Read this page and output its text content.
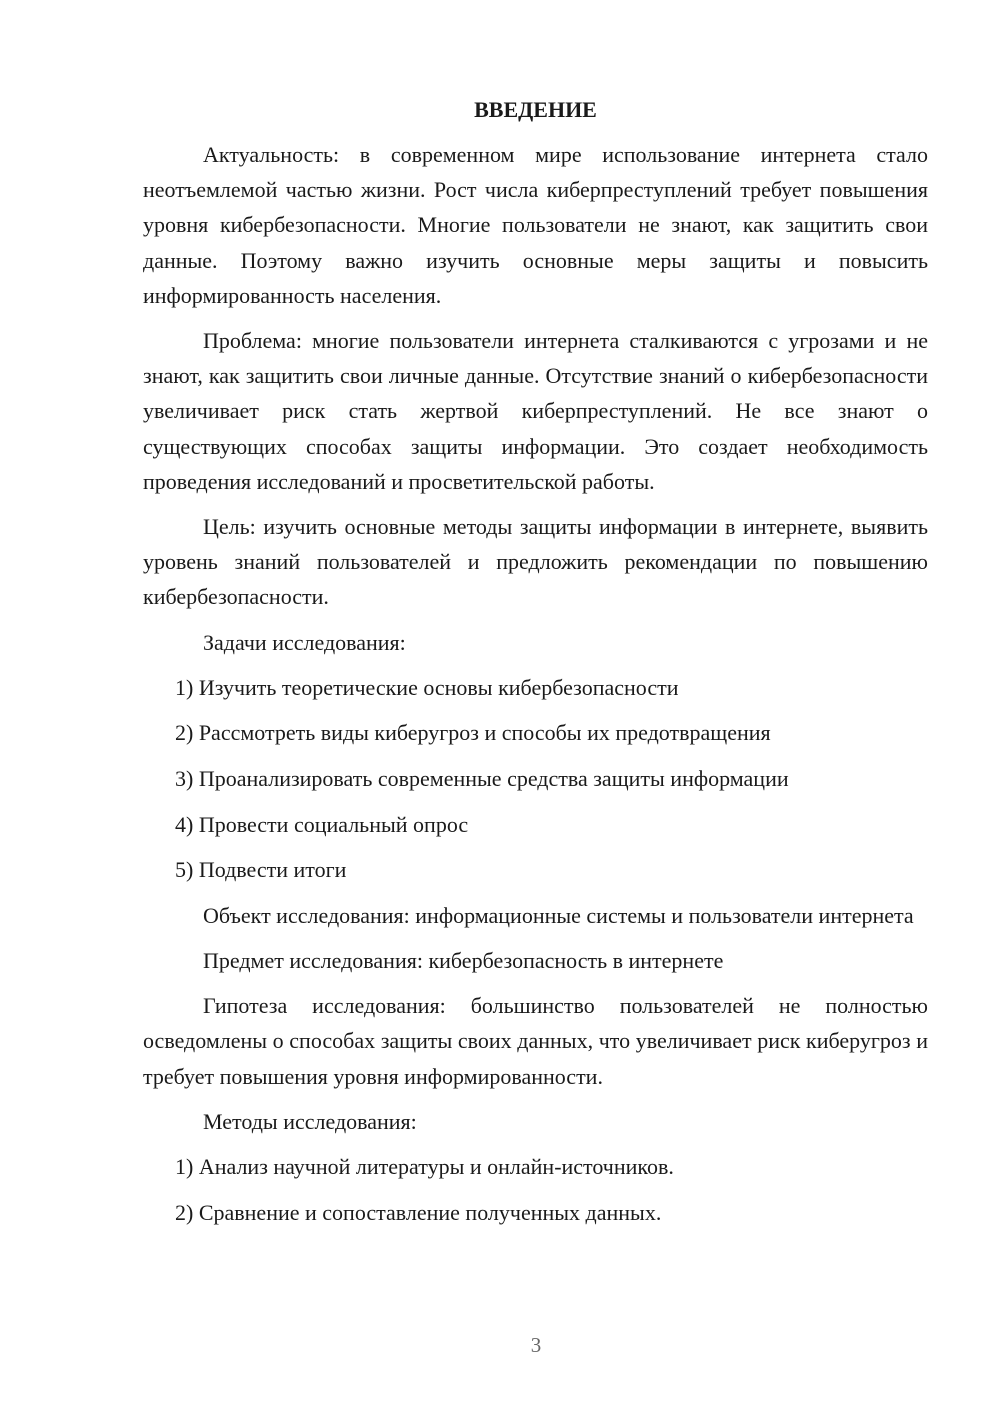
ВВЕДЕНИЕ

Актуальность: в современном мире использование интернета стало неотъемлемой частью жизни. Рост числа киберпреступлений требует повышения уровня кибербезопасности. Многие пользователи не знают, как защитить свои данные. Поэтому важно изучить основные меры защиты и повысить информированность населения.

Проблема: многие пользователи интернета сталкиваются с угрозами и не знают, как защитить свои личные данные. Отсутствие знаний о кибербезопасности увеличивает риск стать жертвой киберпреступлений. Не все знают о существующих способах защиты информации. Это создает необходимость проведения исследований и просветительской работы.

Цель: изучить основные методы защиты информации в интернете, выявить уровень знаний пользователей и предложить рекомендации по повышению кибербезопасности.

Задачи исследования:

1) Изучить теоретические основы кибербезопасности
2) Рассмотреть виды киберугроз и способы их предотвращения
3) Проанализировать современные средства защиты информации
4) Провести социальный опрос
5) Подвести итоги

Объект исследования: информационные системы и пользователи интернета

Предмет исследования: кибербезопасность в интернете

Гипотеза исследования: большинство пользователей не полностью осведомлены о способах защиты своих данных, что увеличивает риск киберугроз и требует повышения уровня информированности.

Методы исследования:

1) Анализ научной литературы и онлайн-источников.
2) Сравнение и сопоставление полученных данных.
3
